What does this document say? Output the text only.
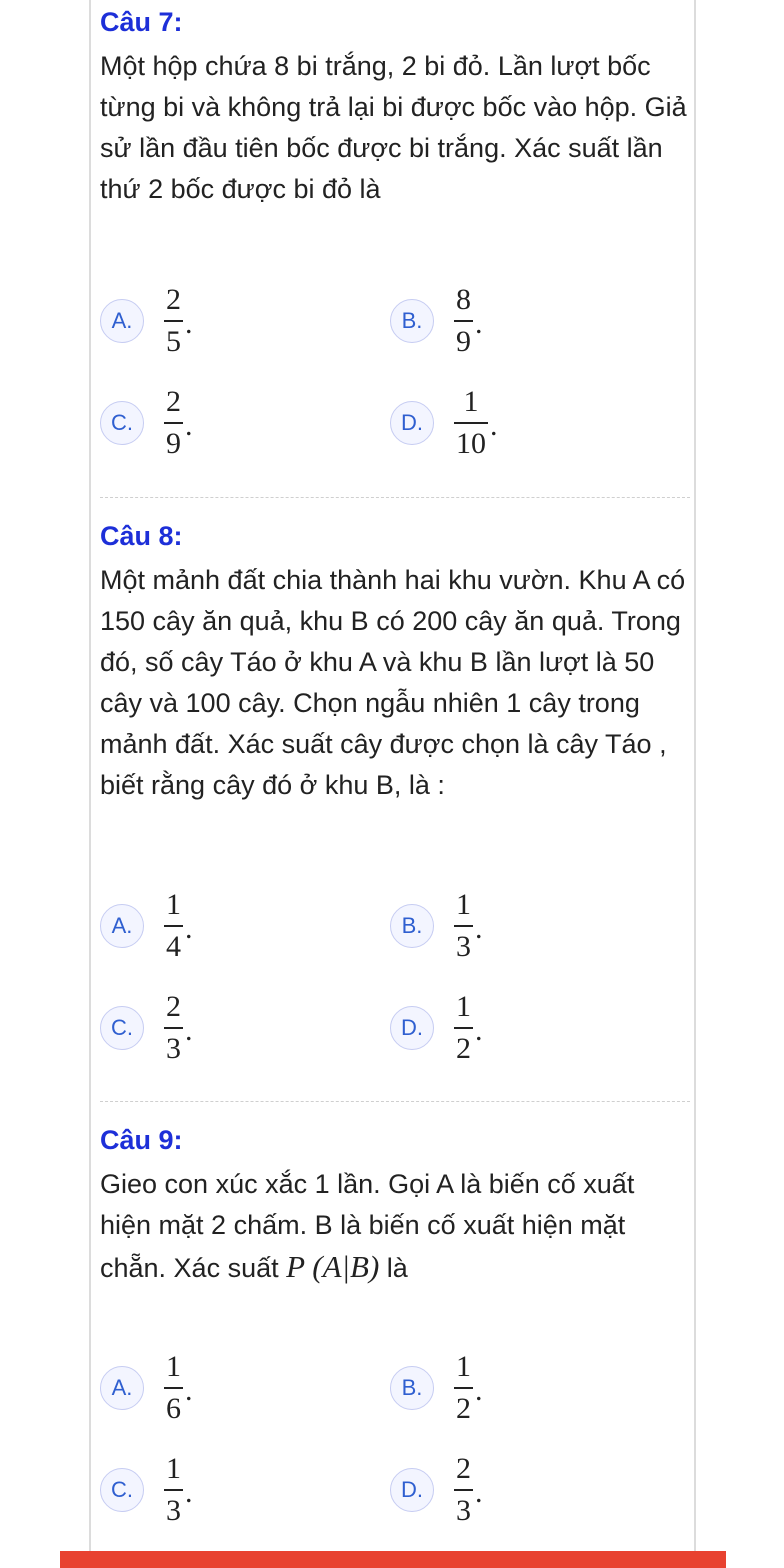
Câu 7:
Một hộp chứa 8 bi trắng, 2 bi đỏ. Lần lượt bốc từng bi và không trả lại bi được bốc vào hộp. Giả sử lần đầu tiên bốc được bi trắng. Xác suất lần thứ 2 bốc được bi đỏ là
A.	$\frac{2}{5}$ .	B.	$\frac{8}{9}$ .
C.	$\frac{2}{9}$ .	D.	$\frac{1}{10}$ .
Câu 8:
Một mảnh đất chia thành hai khu vườn. Khu A có 150 cây ăn quả, khu B có 200 cây ăn quả. Trong đó, số cây Táo ở khu A và khu B lần lượt là 50 cây và 100 cây. Chọn ngẫu nhiên 1 cây trong mảnh đất. Xác suất cây được chọn là cây Táo , biết rằng cây đó ở khu B, là :
A.	$\frac{1}{4}$ .	B.	$\frac{1}{3}$ .
C.	$\frac{2}{3}$ .	D.	$\frac{1}{2}$ .
Câu 9:
Gieo con xúc xắc 1 lần. Gọi A là biến cố xuất hiện mặt 2 chấm. B là biến cố xuất hiện mặt chẵn. Xác suất P (A|B) là
A.	$\frac{1}{6}$ .	B.	$\frac{1}{2}$ .
C.	$\frac{1}{3}$ .	D.	$\frac{2}{3}$ .
